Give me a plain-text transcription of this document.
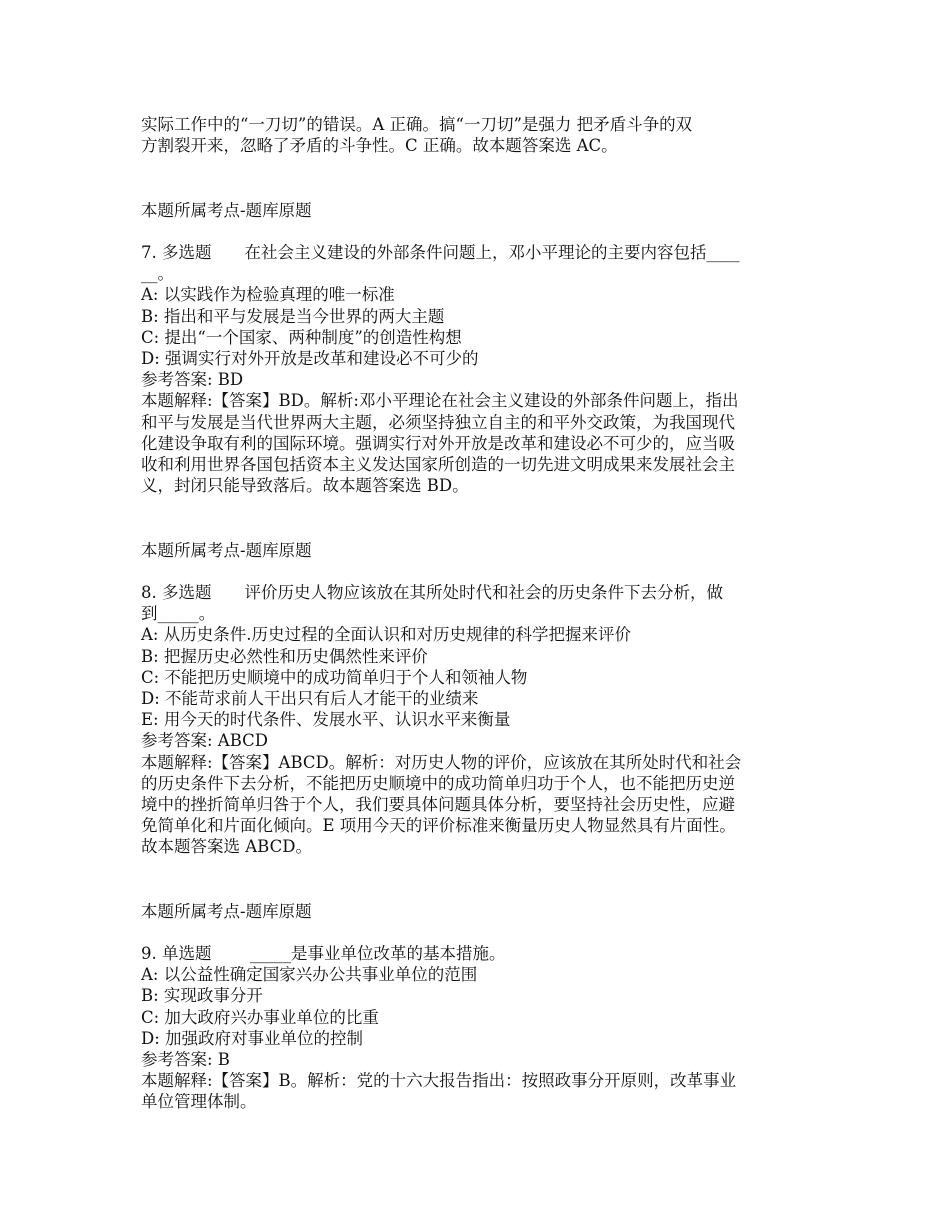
实际工作中的“一刀切”的错误。A 正确。搞“一刀切”是强力 把矛盾斗争的双

方割裂开来，忽略了矛盾的斗争性。C 正确。故本题答案选 AC。

本题所属考点-题库原题

7. 多选题　　在社会主义建设的外部条件问题上，邓小平理论的主要内容包括____

__。

A: 以实践作为检验真理的唯一标准

B: 指出和平与发展是当今世界的两大主题

C: 提出“一个国家、两种制度”的创造性构想

D: 强调实行对外开放是改革和建设必不可少的

参考答案: BD

本题解释:【答案】BD。解析:邓小平理论在社会主义建设的外部条件问题上，指出

和平与发展是当代世界两大主题，必须坚持独立自主的和平外交政策，为我国现代

化建设争取有利的国际环境。强调实行对外开放是改革和建设必不可少的，应当吸

收和利用世界各国包括资本主义发达国家所创造的一切先进文明成果来发展社会主

义，封闭只能导致落后。故本题答案选 BD。

本题所属考点-题库原题

8. 多选题　　评价历史人物应该放在其所处时代和社会的历史条件下去分析，做

到_____。

A: 从历史条件.历史过程的全面认识和对历史规律的科学把握来评价

B: 把握历史必然性和历史偶然性来评价

C: 不能把历史顺境中的成功简单归于个人和领袖人物

D: 不能苛求前人干出只有后人才能干的业绩来

E: 用今天的时代条件、发展水平、认识水平来衡量

参考答案: ABCD

本题解释:【答案】ABCD。解析：对历史人物的评价，应该放在其所处时代和社会

的历史条件下去分析，不能把历史顺境中的成功简单归功于个人，也不能把历史逆

境中的挫折简单归咎于个人，我们要具体问题具体分析，要坚持社会历史性，应避

免简单化和片面化倾向。E 项用今天的评价标准来衡量历史人物显然具有片面性。

故本题答案选 ABCD。

本题所属考点-题库原题

9. 单选题　　 _____是事业单位改革的基本措施。

A: 以公益性确定国家兴办公共事业单位的范围

B: 实现政事分开

C: 加大政府兴办事业单位的比重

D: 加强政府对事业单位的控制

参考答案: B

本题解释:【答案】B。解析：党的十六大报告指出：按照政事分开原则，改革事业

单位管理体制。
